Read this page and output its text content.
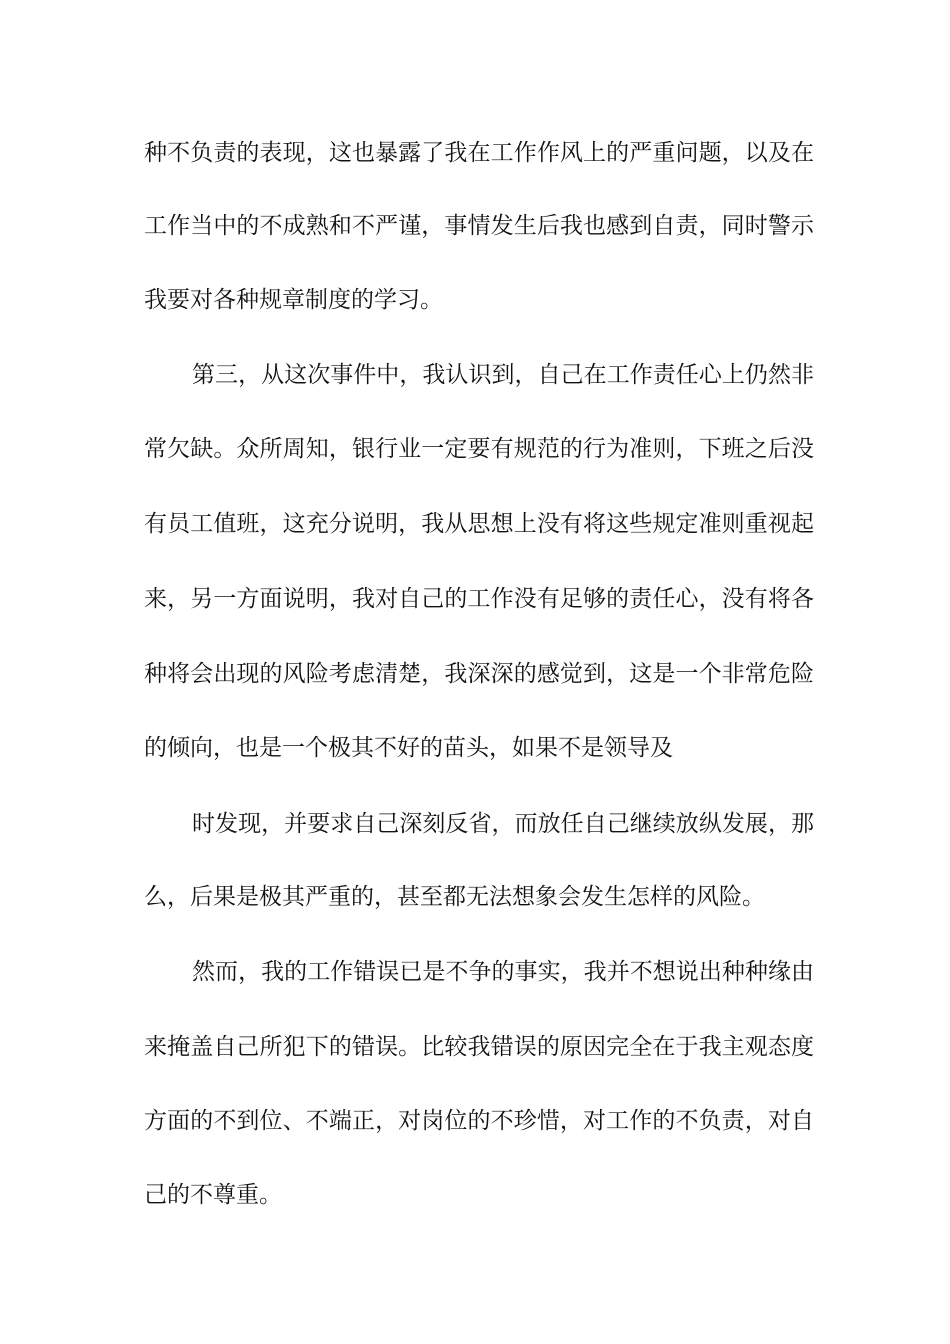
种不负责的表现，这也暴露了我在工作作风上的严重问题，以及在
工作当中的不成熟和不严谨，事情发生后我也感到自责，同时警示
我要对各种规章制度的学习。
第三，从这次事件中，我认识到，自己在工作责任心上仍然非
常欠缺。众所周知，银行业一定要有规范的行为准则，下班之后没
有员工值班，这充分说明，我从思想上没有将这些规定准则重视起
来，另一方面说明，我对自己的工作没有足够的责任心，没有将各
种将会出现的风险考虑清楚，我深深的感觉到，这是一个非常危险
的倾向，也是一个极其不好的苗头，如果不是领导及
时发现，并要求自己深刻反省，而放任自己继续放纵发展，那
么，后果是极其严重的，甚至都无法想象会发生怎样的风险。
然而，我的工作错误已是不争的事实，我并不想说出种种缘由
来掩盖自己所犯下的错误。比较我错误的原因完全在于我主观态度
方面的不到位、不端正，对岗位的不珍惜，对工作的不负责，对自
己的不尊重。
